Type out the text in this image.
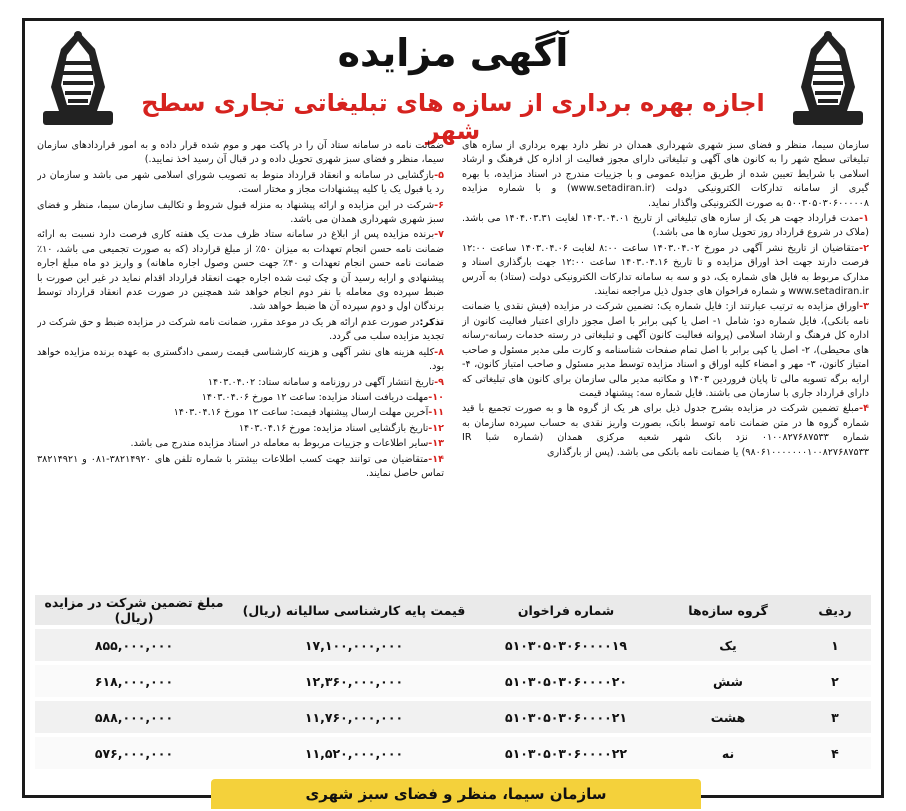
آگهی مزایده
اجازه بهره برداری از سازه های تبلیغاتی تجاری سطح شهر

سازمان سیما، منظر و فضای سبز شهری شهرداری همدان در نظر دارد بهره برداری از سازه های تبلیغاتی سطح شهر را به کانون های آگهی و تبلیغاتی دارای مجوز فعالیت از اداره کل فرهنگ و ارشاد اسلامی با شرایط تعیین شده از طریق مزایده عمومی و با جزییات مندرج در اسناد مزایده، با بهره گیری از سامانه تدارکات الکترونیکی دولت (www.setadiran.ir) و با شماره مزایده ۵۰۰۳۰۵۰۳۰۶۰۰۰۰۰۸ به صورت الکترونیکی واگذار نماید.

۱-مدت قرارداد جهت هر یک از سازه های تبلیغاتی از تاریخ ۱۴۰۳.۰۴.۰۱ لغایت ۱۴۰۴.۰۳.۳۱ می باشد. (ملاک در شروع قرارداد روز تحویل سازه ها می باشد.)

۲-متقاضیان از تاریخ نشر آگهی در مورخ ۱۴۰۳.۰۴.۰۲ ساعت ۸:۰۰ لغایت ۱۴۰۳.۰۴.۰۶ ساعت ۱۲:۰۰ فرصت دارند جهت اخذ اوراق مزایده و تا تاریخ ۱۴۰۳.۰۴.۱۶ ساعت ۱۲:۰۰ جهت بارگذاری اسناد و مدارک مربوط به فایل های شماره یک، دو و سه به سامانه تدارکات الکترونیکی دولت (ستاد) به آدرس www.setadiran.ir و شماره فراخوان های جدول ذیل مراجعه نمایند.

۳-اوراق مزایده به ترتیب عبارتند از: فایل شماره یک: تضمین شرکت در مزایده (فیش نقدی یا ضمانت نامه بانکی)، فایل شماره دو: شامل ۱- اصل یا کپی برابر با اصل مجوز دارای اعتبار فعالیت کانون از اداره کل فرهنگ و ارشاد اسلامی (پروانه فعالیت کانون آگهی و تبلیغاتی در رسته خدمات رسانه-رسانه های محیطی)، ۲- اصل یا کپی برابر با اصل تمام صفحات شناسنامه و کارت ملی مدیر مسئول و صاحب امتیاز کانون، ۳- مهر و امضاء کلیه اوراق و اسناد مزایده توسط مدیر مسئول و صاحب امتیاز کانون، ۴- ارایه برگه تسویه مالی تا پایان فروردین ۱۴۰۳ و مکاتبه مدیر مالی سازمان برای کانون های تبلیغاتی که دارای قرارداد جاری با سازمان می باشند. فایل شماره سه: پیشنهاد قیمت

۴-مبلغ تضمین شرکت در مزایده بشرح جدول ذیل برای هر یک از گروه ها و به صورت تجمیع با قید شماره گروه ها در متن ضمانت نامه توسط بانک، بصورت واریز نقدی به حساب سپرده سازمان به شماره ۰۱۰۰۸۲۷۶۸۷۵۳۳ نزد بانک شهر شعبه مرکزی همدان (شماره شبا IR ۹۸۰۶۱۰۰۰۰۰۰۰۱۰۰۸۲۷۶۸۷۵۳۳) یا ضمانت نامه بانکی می باشد. (پس از بارگذاری

ضمانت نامه در سامانه ستاد آن را در پاکت مهر و موم شده قرار داده و به امور قراردادهای سازمان سیما، منظر و فضای سبز شهری تحویل داده و در قبال آن رسید اخذ نمایید.)

۵-بازگشایی در سامانه و انعقاد قرارداد منوط به تصویب شورای اسلامی شهر می باشد و سازمان در رد یا قبول یک یا کلیه پیشنهادات مجاز و مختار است.

۶-شرکت در این مزایده و ارائه پیشنهاد به منزله قبول شروط و تکالیف سازمان سیما، منظر و فضای سبز شهری شهرداری همدان می باشد.

۷-برنده مزایده پس از ابلاغ در سامانه ستاد ظرف مدت یک هفته کاری فرصت دارد نسبت به ارائه ضمانت نامه حسن انجام تعهدات به میزان ۵۰٪ از مبلغ قرارداد (که به صورت تجمیعی می باشد، ۱۰٪ ضمانت نامه حسن انجام تعهدات و ۴۰٪ جهت حسن وصول اجاره ماهانه) و واریز دو ماه مبلغ اجاره پیشنهادی و ارایه رسید آن و چک ثبت شده اجاره جهت انعقاد قرارداد اقدام نماید در غیر این صورت با ضبط سپرده وی معامله با نفر دوم انجام خواهد شد همچنین در صورت عدم انعقاد قرارداد توسط برندگان اول و دوم سپرده آن ها ضبط خواهد شد.

تذکر:در صورت عدم ارائه هر یک در موعد مقرر، ضمانت نامه شرکت در مزایده ضبط و حق شرکت در تجدید مزایده سلب می گردد.

۸-کلیه هزینه های نشر آگهی و هزینه کارشناسی قیمت رسمی دادگستری به عهده برنده مزایده خواهد بود.

۹-تاریخ انتشار آگهی در روزنامه و سامانه ستاد: ۱۴۰۳.۰۴.۰۲

۱۰-مهلت دریافت اسناد مزایده: ساعت ۱۲ مورخ ۱۴۰۳.۰۴.۰۶

۱۱-آخرین مهلت ارسال پیشنهاد قیمت: ساعت ۱۲ مورخ ۱۴۰۳.۰۴.۱۶

۱۲-تاریخ بازگشایی اسناد مزایده: مورخ ۱۴۰۳.۰۴.۱۶

۱۳-سایر اطلاعات و جزییات مربوط به معامله در اسناد مزایده مندرج می باشد.

۱۴-متقاضیان می توانند جهت کسب اطلاعات بیشتر با شماره تلفن های ۳۸۲۱۴۹۲۰-۰۸۱ و ۳۸۲۱۴۹۲۱ تماس حاصل نمایند.

ردیف	گروه سازه‌ها	شماره فراخوان	قیمت پایه کارشناسی سالیانه (ریال)	مبلغ تضمین شرکت در مزایده (ریال)
۱	یک	۵۱۰۳۰۵۰۳۰۶۰۰۰۰۱۹	۱۷,۱۰۰,۰۰۰,۰۰۰	۸۵۵,۰۰۰,۰۰۰
۲	شش	۵۱۰۳۰۵۰۳۰۶۰۰۰۰۲۰	۱۲,۳۶۰,۰۰۰,۰۰۰	۶۱۸,۰۰۰,۰۰۰
۳	هشت	۵۱۰۳۰۵۰۳۰۶۰۰۰۰۲۱	۱۱,۷۶۰,۰۰۰,۰۰۰	۵۸۸,۰۰۰,۰۰۰
۴	نه	۵۱۰۳۰۵۰۳۰۶۰۰۰۰۲۲	۱۱,۵۲۰,۰۰۰,۰۰۰	۵۷۶,۰۰۰,۰۰۰
سازمان سیما، منظر و فضای سبز شهری
